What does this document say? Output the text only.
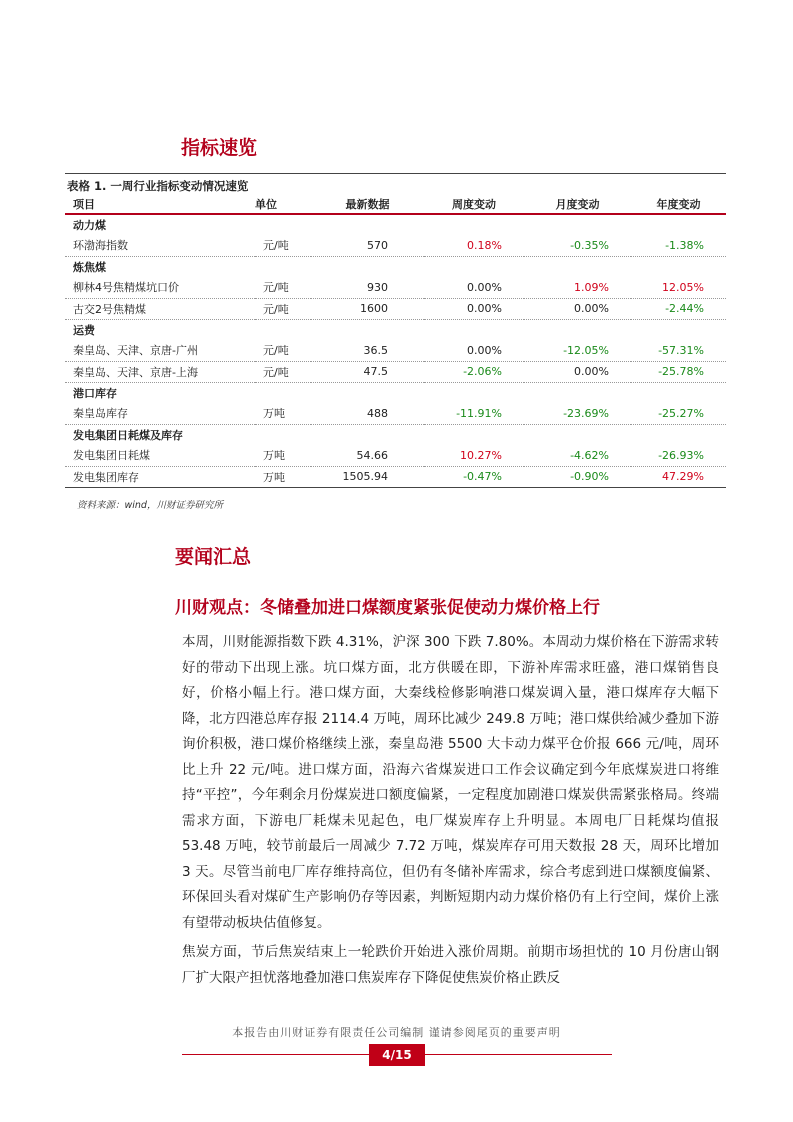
指标速览
表格 1. 一周行业指标变动情况速览
项目	单位	最新数据	周度变动	月度变动	年度变动
动力煤					
环渤海指数	元/吨	570	0.18%	-0.35%	-1.38%
炼焦煤					
柳林4号焦精煤坑口价	元/吨	930	0.00%	1.09%	12.05%
古交2号焦精煤	元/吨	1600	0.00%	0.00%	-2.44%
运费					
秦皇岛、天津、京唐-广州	元/吨	36.5	0.00%	-12.05%	-57.31%
秦皇岛、天津、京唐-上海	元/吨	47.5	-2.06%	0.00%	-25.78%
港口库存					
秦皇岛库存	万吨	488	-11.91%	-23.69%	-25.27%
发电集团日耗煤及库存					
发电集团日耗煤	万吨	54.66	10.27%	-4.62%	-26.93%
发电集团库存	万吨	1505.94	-0.47%	-0.90%	47.29%
资料来源：wind，川财证券研究所
要闻汇总
川财观点：冬储叠加进口煤额度紧张促使动力煤价格上行

本周，川财能源指数下跌 4.31%，沪深 300 下跌 7.80%。本周动力煤价格在下游需求转好的带动下出现上涨。坑口煤方面，北方供暖在即，下游补库需求旺盛，港口煤销售良好，价格小幅上行。港口煤方面，大秦线检修影响港口煤炭调入量，港口煤库存大幅下降，北方四港总库存报 2114.4 万吨，周环比减少 249.8 万吨；港口煤供给减少叠加下游询价积极，港口煤价格继续上涨，秦皇岛港 5500 大卡动力煤平仓价报 666 元/吨，周环比上升 22 元/吨。进口煤方面，沿海六省煤炭进口工作会议确定到今年底煤炭进口将维持“平控”，今年剩余月份煤炭进口额度偏紧，一定程度加剧港口煤炭供需紧张格局。终端需求方面，下游电厂耗煤未见起色，电厂煤炭库存上升明显。本周电厂日耗煤均值报 53.48 万吨，较节前最后一周减少 7.72 万吨，煤炭库存可用天数报 28 天，周环比增加 3 天。尽管当前电厂库存维持高位，但仍有冬储补库需求，综合考虑到进口煤额度偏紧、环保回头看对煤矿生产影响仍存等因素，判断短期内动力煤价格仍有上行空间，煤价上涨有望带动板块估值修复。

焦炭方面，节后焦炭结束上一轮跌价开始进入涨价周期。前期市场担忧的 10 月份唐山钢厂扩大限产担忧落地叠加港口焦炭库存下降促使焦炭价格止跌反

本报告由川财证券有限责任公司编制 谨请参阅尾页的重要声明
4/15
